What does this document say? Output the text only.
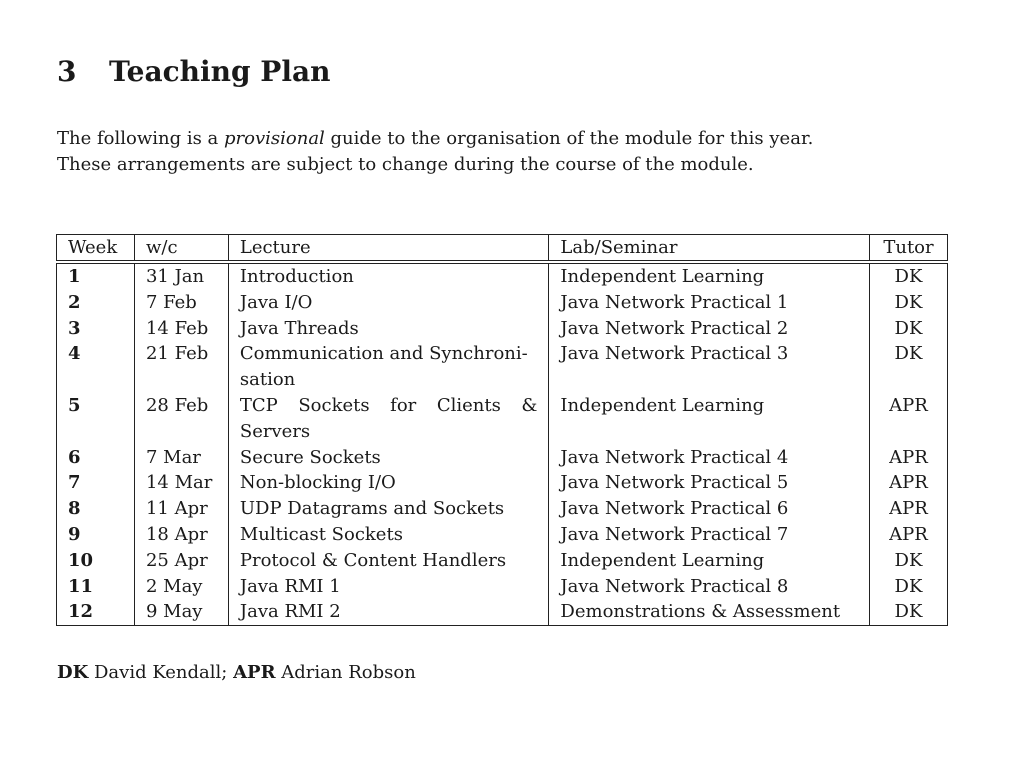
3 Teaching Plan

The following is a provisional guide to the organisation of the module for this year. These arrangements are subject to change during the course of the module.

Week	w/c	Lecture	Lab/Seminar	Tutor
1	31 Jan	Introduction	Independent Learning	DK
2	7 Feb	Java I/O	Java Network Practical 1	DK
3	14 Feb	Java Threads	Java Network Practical 2	DK
4	21 Feb	Communication and Synchroni-sation	Java Network Practical 3	DK
5	28 Feb	TCP Sockets for Clients & Servers	Independent Learning	APR
6	7 Mar	Secure Sockets	Java Network Practical 4	APR
7	14 Mar	Non-blocking I/O	Java Network Practical 5	APR
8	11 Apr	UDP Datagrams and Sockets	Java Network Practical 6	APR
9	18 Apr	Multicast Sockets	Java Network Practical 7	APR
10	25 Apr	Protocol & Content Handlers	Independent Learning	DK
11	2 May	Java RMI 1	Java Network Practical 8	DK
12	9 May	Java RMI 2	Demonstrations & Assessment	DK

DK David Kendall; APR Adrian Robson
